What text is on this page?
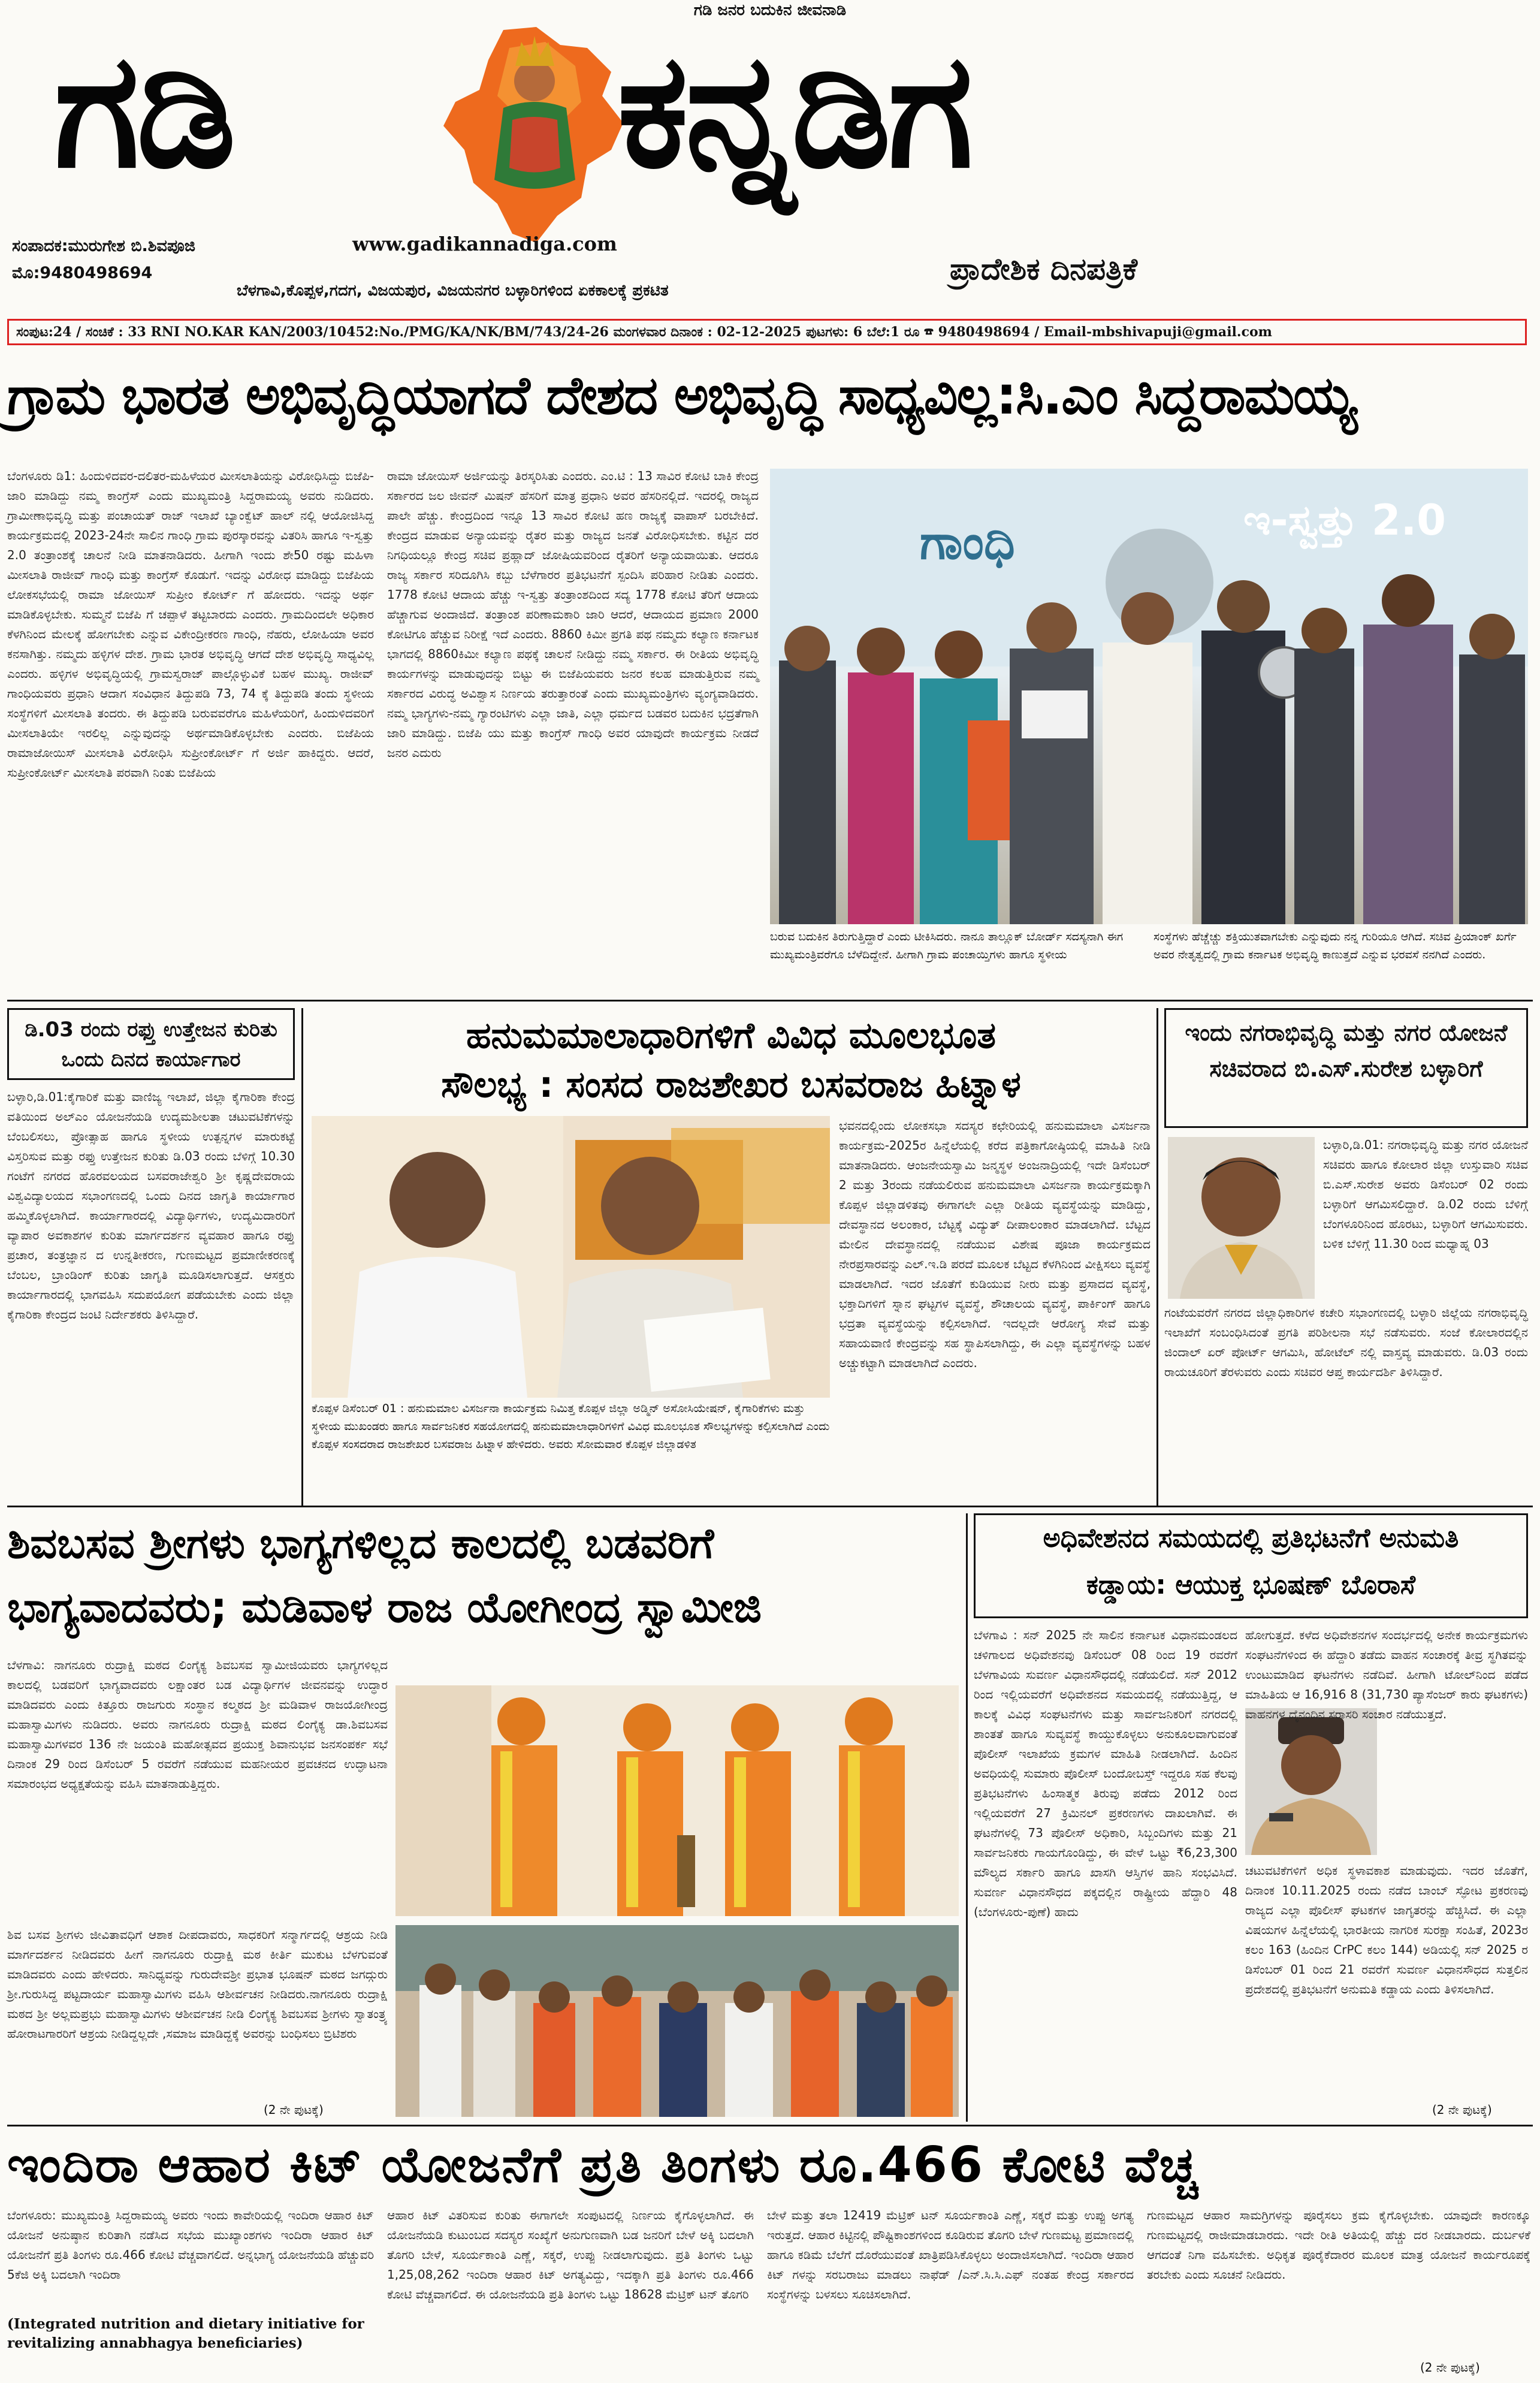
ಗಡಿ ಜನರ ಬದುಕಿನ ಜೀವನಾಡಿ
ಗಡಿ	ಕನ್ನಡಿಗ
ಸಂಪಾದಕ:ಮುರುಗೇಶ ಬಿ.ಶಿವಪೂಜಿ
ಮೊ:9480498694
www.gadikannadiga.com
ಬೆಳಗಾವಿ,ಕೊಪ್ಪಳ,ಗದಗ, ವಿಜಯಪುರ, ವಿಜಯನಗರ ಬಳ್ಳಾರಿಗಳಿಂದ ಏಕಕಾಲಕ್ಕೆ ಪ್ರಕಟಿತ
ಪ್ರಾದೇಶಿಕ ದಿನಪತ್ರಿಕೆ
ಸಂಪುಟ:24 / ಸಂಚಿಕೆ : 33 RNI NO.KAR KAN/2003/10452:No./PMG/KA/NK/BM/743/24-26 ಮಂಗಳವಾರ ದಿನಾಂಕ : 02-12-2025 ಪುಟಗಳು: 6 ಬೆಲೆ:1 ರೂ ☎ 9480498694 / Email-mbshivapuji@gmail.com
ಗ್ರಾಮ ಭಾರತ ಅಭಿವೃದ್ಧಿಯಾಗದೆ ದೇಶದ ಅಭಿವೃದ್ಧಿ ಸಾಧ್ಯವಿಲ್ಲ:ಸಿ.ಎಂ ಸಿದ್ದರಾಮಯ್ಯ
ಬೆಂಗಳೂರು ಡಿ1: ಹಿಂದುಳಿದವರ-ದಲಿತರ-ಮಹಿಳೆಯರ ಮೀಸಲಾತಿಯನ್ನು ವಿರೋಧಿಸಿದ್ದು ಬಿಜೆಪಿ- ಜಾರಿ ಮಾಡಿದ್ದು ನಮ್ಮ ಕಾಂಗ್ರೆಸ್ ಎಂದು ಮುಖ್ಯಮಂತ್ರಿ ಸಿದ್ದರಾಮಯ್ಯ ಅವರು ನುಡಿದರು. ಗ್ರಾಮೀಣಾಭಿವೃದ್ಧಿ ಮತ್ತು ಪಂಚಾಯತ್ ರಾಜ್ ಇಲಾಖೆ ಬ್ಯಾಂಕ್ವೆಟ್ ಹಾಲ್ ನಲ್ಲಿ ಆಯೋಜಿಸಿದ್ದ ಕಾರ್ಯಕ್ರಮದಲ್ಲಿ 2023-24ನೇ ಸಾಲಿನ ಗಾಂಧಿ ಗ್ರಾಮ ಪುರಸ್ಕಾರವನ್ನು ವಿತರಿಸಿ ಹಾಗೂ ಇ-ಸ್ವತ್ತು 2.0 ತಂತ್ರಾಂಶಕ್ಕೆ ಚಾಲನೆ ನೀಡಿ ಮಾತನಾಡಿದರು. ಹೀಗಾಗಿ ಇಂದು ಶೇ50 ರಷ್ಟು ಮಹಿಳಾ ಮೀಸಲಾತಿ ರಾಜೀವ್ ಗಾಂಧಿ ಮತ್ತು ಕಾಂಗ್ರೆಸ್ ಕೊಡುಗೆ. ಇದನ್ನು ವಿರೋಧ ಮಾಡಿದ್ದು ಬಿಜೆಪಿಯ ಲೋಕಸಭೆಯಲ್ಲಿ ರಾಮಾ ಜೋಯಿಸ್ ಸುಪ್ರೀಂ ಕೋರ್ಟ್ ಗೆ ಹೋದರು. ಇದನ್ನು ಅರ್ಥ ಮಾಡಿಕೊಳ್ಳಬೇಕು. ಸುಮ್ಮನೆ ಬಿಜೆಪಿ ಗೆ ಚಪ್ಪಾಳೆ ತಟ್ಟಬಾರದು ಎಂದರು. ಗ್ರಾಮದಿಂದಲೇ ಅಧಿಕಾರ ಕೆಳಗಿನಿಂದ ಮೇಲಕ್ಕೆ ಹೋಗಬೇಕು ಎನ್ನುವ ವಿಕೇಂದ್ರೀಕರಣ ಗಾಂಧಿ, ನೆಹರು, ಲೋಹಿಯಾ ಅವರ ಕನಸಾಗಿತ್ತು. ನಮ್ಮದು ಹಳ್ಳಿಗಳ ದೇಶ. ಗ್ರಾಮ ಭಾರತ ಅಭಿವೃದ್ಧಿ ಆಗದೆ ದೇಶ ಅಭಿವೃದ್ಧಿ ಸಾಧ್ಯವಿಲ್ಲ ಎಂದರು. ಹಳ್ಳಿಗಳ ಅಭಿವೃದ್ಧಿಯಲ್ಲಿ ಗ್ರಾಮಸ್ವರಾಜ್ ಪಾಲ್ಗೊಳ್ಳುವಿಕೆ ಬಹಳ ಮುಖ್ಯ. ರಾಜೀವ್ ಗಾಂಧಿಯವರು ಪ್ರಧಾನಿ ಆದಾಗ ಸಂವಿಧಾನ ತಿದ್ದುಪಡಿ 73, 74 ಕ್ಕೆ ತಿದ್ದುಪಡಿ ತಂದು ಸ್ಥಳೀಯ ಸಂಸ್ಥೆಗಳಿಗೆ ಮೀಸಲಾತಿ ತಂದರು. ಈ ತಿದ್ದುಪಡಿ ಬರುವವರೆಗೂ ಮಹಿಳೆಯರಿಗೆ, ಹಿಂದುಳಿದವರಿಗೆ ಮೀಸಲಾತಿಯೇ ಇರಲಿಲ್ಲ ಎನ್ನುವುದನ್ನು ಅರ್ಥಮಾಡಿಕೊಳ್ಳಬೇಕು ಎಂದರು. ಬಿಜೆಪಿಯ ರಾಮಾಜೋಯಿಸ್ ಮೀಸಲಾತಿ ವಿರೋಧಿಸಿ ಸುಪ್ರೀಂಕೋರ್ಟ್ ಗೆ ಅರ್ಜಿ ಹಾಕಿದ್ದರು. ಆದರೆ, ಸುಪ್ರೀಂಕೋರ್ಟ್ ಮೀಸಲಾತಿ ಪರವಾಗಿ ನಿಂತು ಬಿಜೆಪಿಯ
ರಾಮಾ ಜೋಯಿಸ್ ಅರ್ಜಿಯನ್ನು ತಿರಸ್ಕರಿಸಿತು ಎಂದರು. ಎಂ.ಟಿ : 13 ಸಾವಿರ ಕೋಟಿ ಬಾಕಿ ಕೇಂದ್ರ ಸರ್ಕಾರದ ಜಲ ಜೀವನ್ ಮಿಷನ್ ಹೆಸರಿಗೆ ಮಾತ್ರ ಪ್ರಧಾನಿ ಅವರ ಹೆಸರಿನಲ್ಲಿದೆ. ಇದರಲ್ಲಿ ರಾಜ್ಯದ ಪಾಲೇ ಹೆಚ್ಚು. ಕೇಂದ್ರದಿಂದ ಇನ್ನೂ 13 ಸಾವಿರ ಕೋಟಿ ಹಣ ರಾಜ್ಯಕ್ಕೆ ವಾಪಾಸ್ ಬರಬೇಕಿದೆ. ಕೇಂದ್ರದ ಮಾಡುವ ಅನ್ಯಾಯವನ್ನು ರೈತರ ಮತ್ತು ರಾಜ್ಯದ ಜನತೆ ವಿರೋಧಿಸಬೇಕು. ಕಟ್ಟಿನ ದರ ನಿಗಧಿಯಲ್ಲೂ ಕೇಂದ್ರ ಸಚಿವ ಪ್ರಹ್ಲಾದ್ ಜೋಷಿಯವರಿಂದ ರೈತರಿಗೆ ಅನ್ಯಾಯವಾಯಿತು. ಆದರೂ ರಾಜ್ಯ ಸರ್ಕಾರ ಸರಿದೂಗಿಸಿ ಕಬ್ಬು ಬೆಳೆಗಾರರ ಪ್ರತಿಭಟನೆಗೆ ಸ್ಪಂದಿಸಿ ಪರಿಹಾರ ನೀಡಿತು ಎಂದರು. 1778 ಕೋಟಿ ಆದಾಯ ಹೆಚ್ಚು ಇ-ಸ್ವತ್ತು ತಂತ್ರಾಂಶದಿಂದ ಸದ್ಯ 1778 ಕೋಟಿ ತೆರಿಗೆ ಆದಾಯ ಹೆಚ್ಚಾಗುವ ಅಂದಾಜಿದೆ. ತಂತ್ರಾಂಶ ಪರಿಣಾಮಕಾರಿ ಜಾರಿ ಆದರೆ, ಆದಾಯದ ಪ್ರಮಾಣ 2000 ಕೋಟಿಗೂ ಹೆಚ್ಚುವ ನಿರೀಕ್ಷೆ ಇದೆ ಎಂದರು. 8860 ಕಿಮೀ ಪ್ರಗತಿ ಪಥ ನಮ್ಮದು ಕಲ್ಯಾಣ ಕರ್ನಾಟಕ ಭಾಗದಲ್ಲಿ 8860ಕಿಮೀ ಕಲ್ಯಾಣ ಪಥಕ್ಕೆ ಚಾಲನೆ ನೀಡಿದ್ದು ನಮ್ಮ ಸರ್ಕಾರ. ಈ ರೀತಿಯ ಅಭಿವೃದ್ಧಿ ಕಾರ್ಯಗಳನ್ನು ಮಾಡುವುದನ್ನು ಬಿಟ್ಟು ಈ ಬಿಜೆಪಿಯವರು ಜನರ ಕಲಹ ಮಾಡುತ್ತಿರುವ ನಮ್ಮ ಸರ್ಕಾರದ ವಿರುದ್ಧ ಅವಿಶ್ವಾಸ ನಿರ್ಣಯ ತರುತ್ತಾರಂತೆ ಎಂದು ಮುಖ್ಯಮಂತ್ರಿಗಳು ವ್ಯಂಗ್ಯವಾಡಿದರು. ನಮ್ಮ ಭಾಗ್ಯಗಳು-ನಮ್ಮ ಗ್ಯಾರಂಟಿಗಳು ಎಲ್ಲಾ ಜಾತಿ, ಎಲ್ಲಾ ಧರ್ಮದ ಬಡವರ ಬದುಕಿನ ಭದ್ರತೆಗಾಗಿ ಜಾರಿ ಮಾಡಿದ್ದು. ಬಿಜೆಪಿ ಯು ಮತ್ತು ಕಾಂಗ್ರೆಸ್ ಗಾಂಧಿ ಅವರ ಯಾವುದೇ ಕಾರ್ಯಕ್ರಮ ನೀಡದೆ ಜನರ ಎದುರು
ಗಾಂಧಿ	ಇ-ಸ್ವತ್ತು 2.0
ಬರುವ ಬದುಕಿನ ತಿರುಗುತ್ತಿದ್ದಾರೆ ಎಂದು ಟೀಕಿಸಿದರು. ನಾನೂ ತಾಲ್ಲೂಕ್ ಬೋರ್ಡ್ ಸದಸ್ಯನಾಗಿ ಈಗ ಮುಖ್ಯಮಂತ್ರಿವರೆಗೂ ಬೆಳೆದಿದ್ದೇನೆ. ಹೀಗಾಗಿ ಗ್ರಾಮ ಪಂಚಾಯ್ತಿಗಳು ಹಾಗೂ ಸ್ಥಳೀಯ
ಸಂಸ್ಥೆಗಳು ಹೆಚ್ಚೆಚ್ಚು ಶಕ್ತಿಯುತವಾಗಬೇಕು ಎನ್ನುವುದು ನನ್ನ ಗುರಿಯೂ ಆಗಿದೆ. ಸಚಿವ ಪ್ರಿಯಾಂಕ್ ಖರ್ಗೆ ಅವರ ನೇತೃತ್ವದಲ್ಲಿ ಗ್ರಾಮ ಕರ್ನಾಟಕ ಅಭಿವೃದ್ಧಿ ಕಾಣುತ್ತದೆ ಎನ್ನುವ ಭರವಸೆ ನನಗಿದೆ ಎಂದರು.
ಡಿ.03 ರಂದು ರಫ್ತು ಉತ್ತೇಜನ ಕುರಿತು ಒಂದು ದಿನದ ಕಾರ್ಯಾಗಾರ
ಬಳ್ಳಾರಿ,ಡಿ.01:ಕೈಗಾರಿಕೆ ಮತ್ತು ವಾಣಿಜ್ಯ ಇಲಾಖೆ, ಜಿಲ್ಲಾ ಕೈಗಾರಿಕಾ ಕೇಂದ್ರ ವತಿಯಿಂದ ಅಲ್‌ಎಂ ಯೋಜನೆಯಡಿ ಉದ್ಯಮಶೀಲತಾ ಚಟುವಟಿಕೆಗಳನ್ನು ಬೆಂಬಲಿಸಲು, ಪ್ರೋತ್ಸಾಹ ಹಾಗೂ ಸ್ಥಳೀಯ ಉತ್ಪನ್ನಗಳ ಮಾರುಕಟ್ಟೆ ವಿಸ್ತರಿಸುವ ಮತ್ತು ರಫ್ತು ಉತ್ತೇಜನ ಕುರಿತು ಡಿ.03 ರಂದು ಬೆಳಿಗ್ಗೆ 10.30 ಗಂಟೆಗೆ ನಗರದ ಹೊರವಲಯದ ಬಸವರಾಜೇಶ್ವರಿ ಶ್ರೀ ಕೃಷ್ಣದೇವರಾಯ ವಿಶ್ವವಿದ್ಯಾಲಯದ ಸಭಾಂಗಣದಲ್ಲಿ ಒಂದು ದಿನದ ಜಾಗೃತಿ ಕಾರ್ಯಾಗಾರ ಹಮ್ಮಿಕೊಳ್ಳಲಾಗಿದೆ. ಕಾರ್ಯಾಗಾರದಲ್ಲಿ ವಿದ್ಯಾರ್ಥಿಗಳು, ಉದ್ಯಮಿದಾರರಿಗೆ ವ್ಯಾಪಾರ ಅವಕಾಶಗಳ ಕುರಿತು ಮಾರ್ಗದರ್ಶನ ವ್ಯವಹಾರ ಹಾಗೂ ರಫ್ತು ಪ್ರಚಾರ, ತಂತ್ರಜ್ಞಾನ ದ ಉನ್ನತೀಕರಣ, ಗುಣಮಟ್ಟದ ಪ್ರಮಾಣೀಕರಣಕ್ಕೆ ಬೆಂಬಲ, ಬ್ರಾಂಡಿಂಗ್ ಕುರಿತು ಜಾಗೃತಿ ಮೂಡಿಸಲಾಗುತ್ತದೆ. ಆಸಕ್ತರು ಕಾರ್ಯಾಗಾರದಲ್ಲಿ ಭಾಗವಹಿಸಿ ಸದುಪಯೋಗ ಪಡೆಯಬೇಕು ಎಂದು ಜಿಲ್ಲಾ ಕೈಗಾರಿಕಾ ಕೇಂದ್ರದ ಜಂಟಿ ನಿರ್ದೇಶಕರು ತಿಳಿಸಿದ್ದಾರೆ.
ಹನುಮಮಾಲಾಧಾರಿಗಳಿಗೆ ವಿವಿಧ ಮೂಲಭೂತ
ಸೌಲಭ್ಯ : ಸಂಸದ ರಾಜಶೇಖರ ಬಸವರಾಜ ಹಿಟ್ನಾಳ
ಕೊಪ್ಪಳ ಡಿಸೆಂಬರ್ 01 : ಹನುಮಮಾಲ ವಿಸರ್ಜನಾ ಕಾರ್ಯಕ್ರಮ ನಿಮಿತ್ತ ಕೊಪ್ಪಳ ಜಿಲ್ಲಾ ಅಡ್ಮಿನ್ ಅಸೋಸಿಯೇಷನ್, ಕೈಗಾರಿಕೆಗಳು ಮತ್ತು ಸ್ಥಳೀಯ ಮುಖಂಡರು ಹಾಗೂ ಸಾರ್ವಜನಿಕರ ಸಹಯೋಗದಲ್ಲಿ ಹನುಮಮಾಲಾಧಾರಿಗಳಿಗೆ ವಿವಿಧ ಮೂಲಭೂತ ಸೌಲಭ್ಯಗಳನ್ನು ಕಲ್ಪಿಸಲಾಗಿದೆ ಎಂದು ಕೊಪ್ಪಳ ಸಂಸದರಾದ ರಾಜಶೇಖರ ಬಸವರಾಜ ಹಿಟ್ನಾಳ ಹೇಳಿದರು. ಅವರು ಸೋಮವಾರ ಕೊಪ್ಪಳ ಜಿಲ್ಲಾಡಳಿತ
ಭವನದಲ್ಲಿಂದು ಲೋಕಸಭಾ ಸದಸ್ಯರ ಕಛೇರಿಯಲ್ಲಿ ಹನುಮಮಾಲಾ ವಿಸರ್ಜನಾ ಕಾರ್ಯಕ್ರಮ-2025ರ ಹಿನ್ನೆಲೆಯಲ್ಲಿ ಕರೆದ ಪತ್ರಿಕಾಗೋಷ್ಠಿಯಲ್ಲಿ ಮಾಹಿತಿ ನೀಡಿ ಮಾತನಾಡಿದರು. ಆಂಜನೇಯಸ್ವಾಮಿ ಜನ್ಮಸ್ಥಳ ಅಂಜನಾದ್ರಿಯಲ್ಲಿ ಇದೇ ಡಿಸೆಂಬರ್ 2 ಮತ್ತು 3ರಂದು ನಡೆಯಲಿರುವ ಹನುಮಮಾಲಾ ವಿಸರ್ಜನಾ ಕಾರ್ಯಕ್ರಮಕ್ಕಾಗಿ ಕೊಪ್ಪಳ ಜಿಲ್ಲಾಡಳಿತವು ಈಗಾಗಲೇ ಎಲ್ಲಾ ರೀತಿಯ ವ್ಯವಸ್ಥೆಯನ್ನು ಮಾಡಿದ್ದು, ದೇವಸ್ಥಾನದ ಅಲಂಕಾರ, ಬೆಟ್ಟಕ್ಕೆ ವಿದ್ಯುತ್ ದೀಪಾಲಂಕಾರ ಮಾಡಲಾಗಿದೆ. ಬೆಟ್ಟದ ಮೇಲಿನ ದೇವಸ್ಥಾನದಲ್ಲಿ ನಡೆಯುವ ವಿಶೇಷ ಪೂಜಾ ಕಾರ್ಯಕ್ರಮದ ನೇರಪ್ರಸಾರವನ್ನು ಎಲ್.ಇ.ಡಿ ಪರದೆ ಮೂಲಕ ಬೆಟ್ಟದ ಕೆಳಗಿನಿಂದ ವೀಕ್ಷಿಸಲು ವ್ಯವಸ್ಥೆ ಮಾಡಲಾಗಿದೆ. ಇದರ ಜೊತೆಗೆ ಕುಡಿಯುವ ನೀರು ಮತ್ತು ಪ್ರಸಾದದ ವ್ಯವಸ್ಥೆ, ಭಕ್ತಾದಿಗಳಿಗೆ ಸ್ನಾನ ಘಟ್ಟಗಳ ವ್ಯವಸ್ಥೆ, ಶೌಚಾಲಯ ವ್ಯವಸ್ಥೆ, ಪಾರ್ಕಿಂಗ್ ಹಾಗೂ ಭದ್ರತಾ ವ್ಯವಸ್ಥೆಯನ್ನು ಕಲ್ಪಿಸಲಾಗಿದೆ. ಇದಲ್ಲದೇ ಆರೋಗ್ಯ ಸೇವೆ ಮತ್ತು ಸಹಾಯವಾಣಿ ಕೇಂದ್ರವನ್ನು ಸಹ ಸ್ಥಾಪಿಸಲಾಗಿದ್ದು, ಈ ಎಲ್ಲಾ ವ್ಯವಸ್ಥೆಗಳನ್ನು ಬಹಳ ಅಚ್ಚುಕಟ್ಟಾಗಿ ಮಾಡಲಾಗಿದೆ ಎಂದರು.
ಇಂದು ನಗರಾಭಿವೃದ್ಧಿ ಮತ್ತು ನಗರ ಯೋಜನೆ ಸಚಿವರಾದ ಬಿ.ಎಸ್.ಸುರೇಶ ಬಳ್ಳಾರಿಗೆ
ಬಳ್ಳಾರಿ,ಡಿ.01: ನಗರಾಭಿವೃದ್ಧಿ ಮತ್ತು ನಗರ ಯೋಜನೆ ಸಚಿವರು ಹಾಗೂ ಕೋಲಾರ ಜಿಲ್ಲಾ ಉಸ್ತುವಾರಿ ಸಚಿವ ಬಿ.ಎಸ್.ಸುರೇಶ ಅವರು ಡಿಸೆಂಬರ್ 02 ರಂದು ಬಳ್ಳಾರಿಗೆ ಆಗಮಿಸಲಿದ್ದಾರೆ. ಡಿ.02 ರಂದು ಬೆಳಿಗ್ಗೆ ಬೆಂಗಳೂರಿನಿಂದ ಹೊರಟು, ಬಳ್ಳಾರಿಗೆ ಆಗಮಿಸುವರು. ಬಳಿಕ ಬೆಳಿಗ್ಗೆ 11.30 ರಿಂದ ಮಧ್ಯಾಹ್ನ 03
ಗಂಟೆಯವರೆಗೆ ನಗರದ ಜಿಲ್ಲಾಧಿಕಾರಿಗಳ ಕಚೇರಿ ಸಭಾಂಗಣದಲ್ಲಿ ಬಳ್ಳಾರಿ ಜಿಲ್ಲೆಯ ನಗರಾಭಿವೃದ್ಧಿ ಇಲಾಖೆಗೆ ಸಂಬಂಧಿಸಿದಂತೆ ಪ್ರಗತಿ ಪರಿಶೀಲನಾ ಸಭೆ ನಡೆಸುವರು. ಸಂಜೆ ಕೋಲಾರದಲ್ಲಿನ ಜಿಂದಾಲ್ ಏರ್ ಪೋರ್ಟ್ ಆಗಮಿಸಿ, ಹೋಟೆಲ್ ನಲ್ಲಿ ವಾಸ್ತವ್ಯ ಮಾಡುವರು. ಡಿ.03 ರಂದು ರಾಯಚೂರಿಗೆ ತೆರಳುವರು ಎಂದು ಸಚಿವರ ಆಪ್ತ ಕಾರ್ಯದರ್ಶಿ ತಿಳಿಸಿದ್ದಾರೆ.
ಶಿವಬಸವ ಶ್ರೀಗಳು ಭಾಗ್ಯಗಳಿಲ್ಲದ ಕಾಲದಲ್ಲಿ ಬಡವರಿಗೆ
ಭಾಗ್ಯವಾದವರು; ಮಡಿವಾಳ ರಾಜ ಯೋಗೀಂದ್ರ ಸ್ವಾಮೀಜಿ
ಬೆಳಗಾವಿ: ನಾಗನೂರು ರುದ್ರಾಕ್ಷಿ ಮಠದ ಲಿಂಗೈಕ್ಯ ಶಿವಬಸವ ಸ್ವಾಮೀಜಿಯವರು ಭಾಗ್ಯಗಳಿಲ್ಲದ ಕಾಲದಲ್ಲಿ ಬಡವರಿಗೆ ಭಾಗ್ಯವಾದವರು ಲಕ್ಷಾಂತರ ಬಡ ವಿದ್ಯಾರ್ಥಿಗಳ ಜೀವನವನ್ನು ಉದ್ಧಾರ ಮಾಡಿದವರು ಎಂದು ಕಿತ್ತೂರು ರಾಜಗುರು ಸಂಸ್ಥಾನ ಕಲ್ಮಠದ ಶ್ರೀ ಮಡಿವಾಳ ರಾಜಯೋಗೀಂದ್ರ ಮಹಾಸ್ವಾಮಿಗಳು ನುಡಿದರು. ಅವರು ನಾಗನೂರು ರುದ್ರಾಕ್ಷಿ ಮಠದ ಲಿಂಗೈಕ್ಯ ಡಾ.ಶಿವಬಸವ ಮಹಾಸ್ವಾಮಿಗಳವರ 136 ನೇ ಜಯಂತಿ ಮಹೋತ್ಸವದ ಪ್ರಯುಕ್ತ ಶಿವಾನುಭವ ಜನಸಂಪರ್ಕ ಸಭೆ ದಿನಾಂಕ 29 ರಿಂದ ಡಿಸೆಂಬರ್ 5 ರವರೆಗೆ ನಡೆಯುವ ಮಹನೀಯರ ಪ್ರವಚನದ ಉದ್ಘಾಟನಾ ಸಮಾರಂಭದ ಅಧ್ಯಕ್ಷತೆಯನ್ನು ವಹಿಸಿ ಮಾತನಾಡುತ್ತಿದ್ದರು.
ಶಿವ ಬಸವ ಶ್ರೀಗಳು ಜೀವಿತಾವಧಿಗೆ ಆಶಾಕ ದೀಪದಾವರು, ಸಾಧಕರಿಗೆ ಸನ್ಮಾರ್ಗದಲ್ಲಿ ಆಶ್ರಯ ನೀಡಿ ಮಾರ್ಗದರ್ಶನ ನೀಡಿದವರು ಹೀಗೆ ನಾಗನೂರು ರುದ್ರಾಕ್ಷಿ ಮಠ ಕೀರ್ತಿ ಮುಕುಟ ಬೆಳಗುವಂತೆ ಮಾಡಿದವರು ಎಂದು ಹೇಳಿದರು. ಸಾನಿಧ್ಯವನ್ನು ಗುರುದೇವಶ್ರೀ ಪ್ರಭಾತ ಭೂಷನ್ ಮಠದ ಜಗದ್ಗುರು ಶ್ರೀ.ಗುರುಸಿದ್ದ ಪಟ್ಟದಾರ್ಯ ಮಹಾಸ್ವಾಮಿಗಳು ವಹಿಸಿ ಆಶೀರ್ವಚನ ನೀಡಿದರು.ನಾಗನೂರು ರುದ್ರಾಕ್ಷಿ ಮಠದ ಶ್ರೀ ಅಲ್ಲಮಪ್ರಭು ಮಹಾಸ್ವಾಮಿಗಳು ಆಶೀರ್ವಚನ ನೀಡಿ ಲಿಂಗೈಕ್ಯ ಶಿವಬಸವ ಶ್ರೀಗಳು ಸ್ವಾತಂತ್ರ್ಯ ಹೋರಾಟಗಾರರಿಗೆ ಆಶ್ರಯ ನೀಡಿದ್ದಲ್ಲದೇ ,ಸಮಾಜ ಮಾಡಿದ್ದಕ್ಕೆ ಅವರನ್ನು ಬಂಧಿಸಲು ಬ್ರಿಟಿಶರು
(2 ನೇ ಪುಟಕ್ಕೆ)
ಅಧಿವೇಶನದ ಸಮಯದಲ್ಲಿ ಪ್ರತಿಭಟನೆಗೆ ಅನುಮತಿ
ಕಡ್ಡಾಯ: ಆಯುಕ್ತ ಭೂಷಣ್ ಬೊರಾಸೆ
ಬೆಳಗಾವಿ : ಸನ್ 2025 ನೇ ಸಾಲಿನ ಕರ್ನಾಟಕ ವಿಧಾನಮಂಡಲದ ಚಳಿಗಾಲದ ಅಧಿವೇಶನವು ಡಿಸೆಂಬರ್ 08 ರಿಂದ 19 ರವರೆಗೆ ಬೆಳಗಾವಿಯ ಸುವರ್ಣ ವಿಧಾನಸೌಧದಲ್ಲಿ ನಡೆಯಲಿದೆ. ಸನ್ 2012 ರಿಂದ ಇಲ್ಲಿಯವರೆಗೆ ಅಧಿವೇಶನದ ಸಮಯದಲ್ಲಿ ನಡೆಯುತ್ತಿದ್ದ, ಆ ಕಾಲಕ್ಕೆ ವಿವಿಧ ಸಂಘಟನೆಗಳು ಮತ್ತು ಸಾರ್ವಜನಿಕರಿಗೆ ನಗರದಲ್ಲಿ ಶಾಂತತೆ ಹಾಗೂ ಸುವ್ಯವಸ್ಥೆ ಕಾಯ್ದುಕೊಳ್ಳಲು ಅನುಕೂಲವಾಗುವಂತೆ ಪೊಲೀಸ್ ಇಲಾಖೆಯ ಕ್ರಮಗಳ ಮಾಹಿತಿ ನೀಡಲಾಗಿದೆ. ಹಿಂದಿನ ಅವಧಿಯಲ್ಲಿ ಸುಮಾರು ಪೊಲೀಸ್ ಬಂದೋಬಸ್ತ್ ಇದ್ದರೂ ಸಹ ಕೆಲವು ಪ್ರತಿಭಟನೆಗಳು ಹಿಂಸಾತ್ಮಕ ತಿರುವು ಪಡೆದು 2012 ರಿಂದ ಇಲ್ಲಿಯವರೆಗೆ 27 ಕ್ರಿಮಿನಲ್ ಪ್ರಕರಣಗಳು ದಾಖಲಾಗಿವೆ. ಈ ಘಟನೆಗಳಲ್ಲಿ 73 ಪೊಲೀಸ್ ಅಧಿಕಾರಿ, ಸಿಬ್ಬಂದಿಗಳು ಮತ್ತು 21 ಸಾರ್ವಜನಿಕರು ಗಾಯಗೊಂಡಿದ್ದು, ಈ ವೇಳೆ ಒಟ್ಟು ₹6,23,300 ಮೌಲ್ಯದ ಸರ್ಕಾರಿ ಹಾಗೂ ಖಾಸಗಿ ಆಸ್ತಿಗಳ ಹಾನಿ ಸಂಭವಿಸಿದೆ. ಸುವರ್ಣ ವಿಧಾನಸೌಧದ ಪಕ್ಕದಲ್ಲಿನ ರಾಷ್ಟ್ರೀಯ ಹೆದ್ದಾರಿ 48 (ಬೆಂಗಳೂರು-ಪುಣೆ) ಹಾದು
ಹೋಗುತ್ತದೆ. ಕಳೆದ ಅಧಿವೇಶನಗಳ ಸಂದರ್ಭದಲ್ಲಿ ಅನೇಕ ಕಾರ್ಯಕ್ರಮಗಳು ಸಂಘಟನೆಗಳಿಂದ ಈ ಹೆದ್ದಾರಿ ತಡೆದು ವಾಹನ ಸಂಚಾರಕ್ಕೆ ತೀವ್ರ ಸ್ಥಗಿತವನ್ನು ಉಂಟುಮಾಡಿದ ಘಟನೆಗಳು ನಡೆದಿವೆ. ಹೀಗಾಗಿ ಟೋಲ್‌ನಿಂದ ಪಡೆದ ಮಾಹಿತಿಯ ಆ 16,916 8 (31,730 ಪ್ಯಾಸೆಂಜರ್ ಕಾರು ಘಟಕಗಳು) ವಾಹನಗಳ ದೈನಂದಿನ ಸರಾಸರಿ ಸಂಚಾರ ನಡೆಯುತ್ತದೆ.
ಚಟುವಟಿಕೆಗಳಿಗೆ ಅಧಿಕ ಸ್ಥಳಾವಕಾಶ ಮಾಡುವುದು. ಇದರ ಜೊತೆಗೆ, ದಿನಾಂಕ 10.11.2025 ರಂದು ನಡೆದ ಬಾಂಬ್ ಸ್ಫೋಟ ಪ್ರಕರಣವು ರಾಜ್ಯದ ಎಲ್ಲಾ ಪೊಲೀಸ್ ಘಟಕಗಳ ಜಾಗೃತರನ್ನು ಹೆಚ್ಚಿಸಿದೆ. ಈ ಎಲ್ಲಾ ವಿಷಯಗಳ ಹಿನ್ನೆಲೆಯಲ್ಲಿ ಭಾರತೀಯ ನಾಗರಿಕ ಸುರಕ್ಷಾ ಸಂಹಿತೆ, 2023ರ ಕಲಂ 163 (ಹಿಂದಿನ CrPC ಕಲಂ 144) ಅಡಿಯಲ್ಲಿ ಸನ್ 2025 ರ ಡಿಸೆಂಬರ್ 01 ರಿಂದ 21 ರವರೆಗೆ ಸುವರ್ಣ ವಿಧಾನಸೌಧದ ಸುತ್ತಲಿನ ಪ್ರದೇಶದಲ್ಲಿ ಪ್ರತಿಭಟನೆಗೆ ಅನುಮತಿ ಕಡ್ಡಾಯ ಎಂದು ತಿಳಿಸಲಾಗಿದೆ.
(2 ನೇ ಪುಟಕ್ಕೆ)
ಇಂದಿರಾ ಆಹಾರ ಕಿಟ್ ಯೋಜನೆಗೆ ಪ್ರತಿ ತಿಂಗಳು ರೂ.466 ಕೋಟಿ ವೆಚ್ಚ
ಬೆಂಗಳೂರು: ಮುಖ್ಯಮಂತ್ರಿ ಸಿದ್ದರಾಮಯ್ಯ ಅವರು ಇಂದು ಕಾವೇರಿಯಲ್ಲಿ ಇಂದಿರಾ ಆಹಾರ ಕಿಟ್ ಯೋಜನೆ ಅನುಷ್ಠಾನ ಕುರಿತಾಗಿ ನಡೆಸಿದ ಸಭೆಯ ಮುಖ್ಯಾಂಶಗಳು ಇಂದಿರಾ ಆಹಾರ ಕಿಟ್ ಯೋಜನೆಗೆ ಪ್ರತಿ ತಿಂಗಳು ರೂ.466 ಕೋಟಿ ವೆಚ್ಚವಾಗಲಿದೆ. ಅನ್ನಭಾಗ್ಯ ಯೋಜನೆಯಡಿ ಹೆಚ್ಚುವರಿ 5ಕೆಜಿ ಅಕ್ಕಿ ಬದಲಾಗಿ ಇಂದಿರಾ
(Integrated nutrition and dietary initiative for revitalizing annabhagya beneficiaries)
ಆಹಾರ ಕಿಟ್ ವಿತರಿಸುವ ಕುರಿತು ಈಗಾಗಲೇ ಸಂಪುಟದಲ್ಲಿ ನಿರ್ಣಯ ಕೈಗೊಳ್ಳಲಾಗಿದೆ. ಈ ಯೋಜನೆಯಡಿ ಕುಟುಂಬದ ಸದಸ್ಯರ ಸಂಖ್ಯೆಗೆ ಅನುಗುಣವಾಗಿ ಬಡ ಜನರಿಗೆ ಬೇಳೆ ಅಕ್ಕಿ ಬದಲಾಗಿ ತೊಗರಿ ಬೇಳೆ, ಸೂರ್ಯಕಾಂತಿ ಎಣ್ಣೆ, ಸಕ್ಕರೆ, ಉಪ್ಪು ನೀಡಲಾಗುವುದು. ಪ್ರತಿ ತಿಂಗಳು ಒಟ್ಟು 1,25,08,262 ಇಂದಿರಾ ಆಹಾರ ಕಿಟ್ ಅಗತ್ಯವಿದ್ದು, ಇದಕ್ಕಾಗಿ ಪ್ರತಿ ತಿಂಗಳು ರೂ.466 ಕೋಟಿ ವೆಚ್ಚವಾಗಲಿದೆ. ಈ ಯೋಜನೆಯಡಿ ಪ್ರತಿ ತಿಂಗಳು ಒಟ್ಟು 18628 ಮೆಟ್ರಿಕ್ ಟನ್ ತೊಗರಿ
ಬೇಳೆ ಮತ್ತು ತಲಾ 12419 ಮೆಟ್ರಿಕ್ ಟನ್ ಸೂರ್ಯಕಾಂತಿ ಎಣ್ಣೆ, ಸಕ್ಕರೆ ಮತ್ತು ಉಪ್ಪು ಅಗತ್ಯ ಇರುತ್ತದೆ. ಆಹಾರ ಕಿಟ್ಟಿನಲ್ಲಿ ಪೌಷ್ಟಿಕಾಂಶಗಳಿಂದ ಕೂಡಿರುವ ತೊಗರಿ ಬೇಳೆ ಗುಣಮಟ್ಟ ಪ್ರಮಾಣದಲ್ಲಿ ಹಾಗೂ ಕಡಿಮೆ ಬೆಲೆಗೆ ದೊರೆಯುವಂತೆ ಖಾತ್ರಿಪಡಿಸಿಕೊಳ್ಳಲು ಅಂದಾಜಿಸಲಾಗಿದೆ. ಇಂದಿರಾ ಆಹಾರ ಕಿಟ್ ಗಳನ್ನು ಸರಬರಾಜು ಮಾಡಲು ನಾಫೆಡ್ /ಎನ್.ಸಿ.ಸಿ.ಎಫ್ ನಂತಹ ಕೇಂದ್ರ ಸರ್ಕಾರದ ಸಂಸ್ಥೆಗಳನ್ನು ಬಳಸಲು ಸೂಚಿಸಲಾಗಿದೆ.
ಗುಣಮಟ್ಟದ ಆಹಾರ ಸಾಮಗ್ರಿಗಳನ್ನು ಪೂರೈಸಲು ಕ್ರಮ ಕೈಗೊಳ್ಳಬೇಕು. ಯಾವುದೇ ಕಾರಣಕ್ಕೂ ಗುಣಮಟ್ಟದಲ್ಲಿ ರಾಜೀಮಾಡಬಾರದು. ಇದೇ ರೀತಿ ಅತಿಯಲ್ಲಿ ಹೆಚ್ಚು ದರ ನೀಡಬಾರದು. ದುರ್ಬಳಕೆ ಆಗದಂತೆ ನಿಗಾ ವಹಿಸಬೇಕು. ಅಧಿಕೃತ ಪೂರೈಕೆದಾರರ ಮೂಲಕ ಮಾತ್ರ ಯೋಜನೆ ಕಾರ್ಯರೂಪಕ್ಕೆ ತರಬೇಕು ಎಂದು ಸೂಚನೆ ನೀಡಿದರು.
(2 ನೇ ಪುಟಕ್ಕೆ)
